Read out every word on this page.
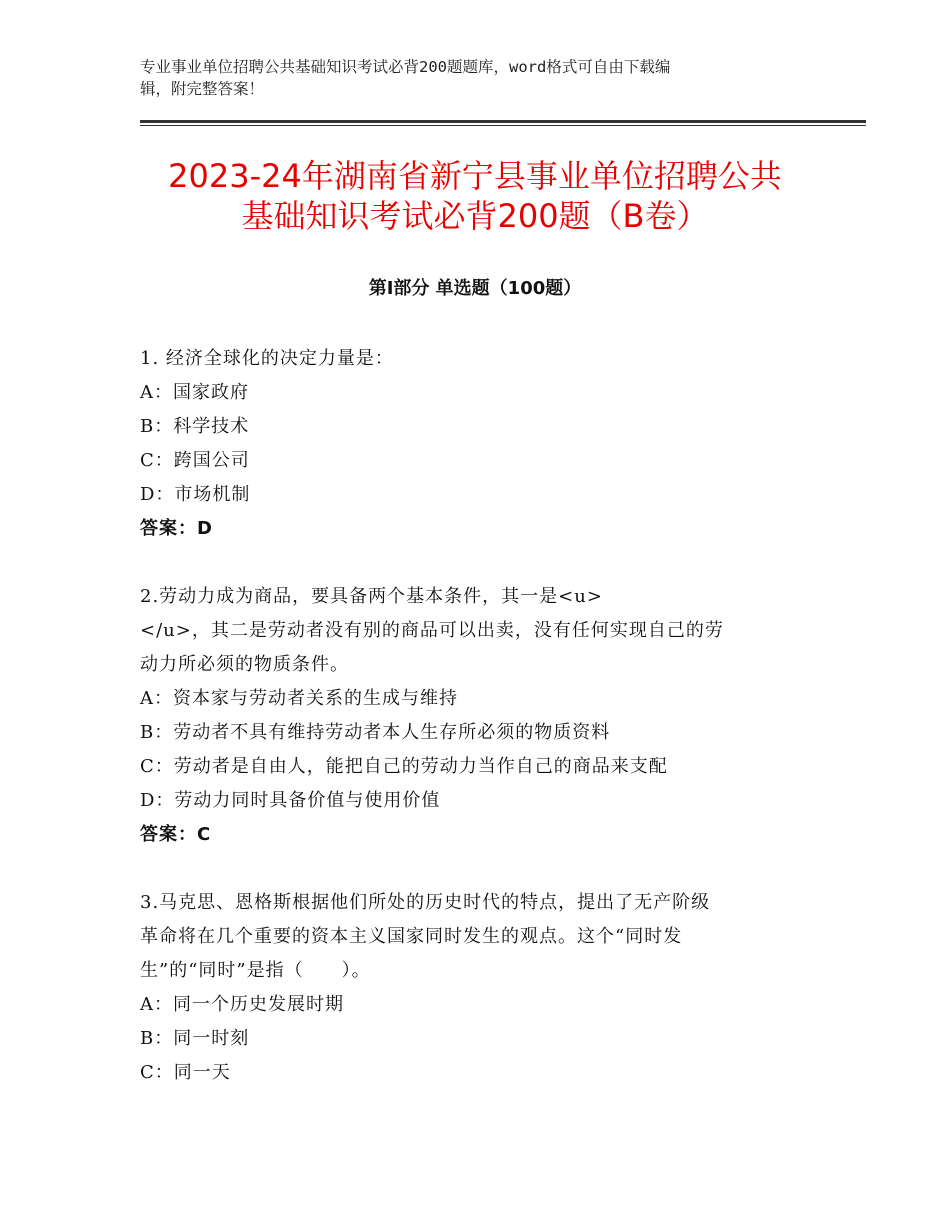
专业事业单位招聘公共基础知识考试必背200题题库，word格式可自由下载编
辑，附完整答案！
2023-24年湖南省新宁县事业单位招聘公共
基础知识考试必背200题（B卷）
第Ⅰ部分 单选题（100题）

1. 经济全球化的决定力量是：

A：国家政府

B：科学技术

C：跨国公司

D：市场机制

答案：D

2.劳动力成为商品，要具备两个基本条件，其一是<u>

</u>，其二是劳动者没有别的商品可以出卖，没有任何实现自己的劳

动力所必须的物质条件。

A：资本家与劳动者关系的生成与维持

B：劳动者不具有维持劳动者本人生存所必须的物质资料

C：劳动者是自由人，能把自己的劳动力当作自己的商品来支配

D：劳动力同时具备价值与使用价值

答案：C

3.马克思、恩格斯根据他们所处的历史时代的特点，提出了无产阶级

革命将在几个重要的资本主义国家同时发生的观点。这个“同时发

生”的“同时”是指（　　）。

A：同一个历史发展时期

B：同一时刻

C：同一天
